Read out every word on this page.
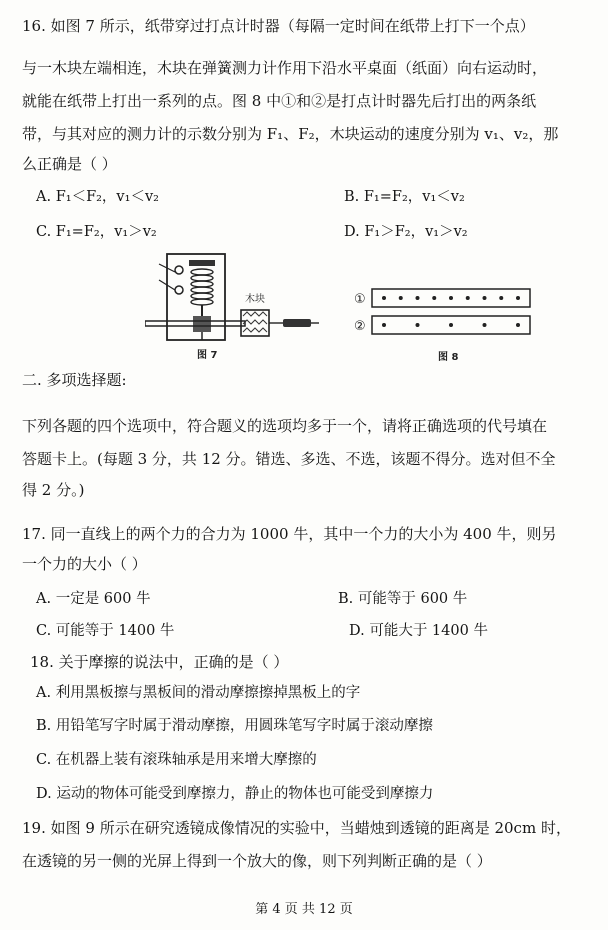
16. 如图 7 所示，纸带穿过打点计时器（每隔一定时间在纸带上打下一个点）
与一木块左端相连，木块在弹簧测力计作用下沿水平桌面（纸面）向右运动时，
就能在纸带上打出一系列的点。图 8 中①和②是打点计时器先后打出的两条纸
带，与其对应的测力计的示数分别为 F₁、F₂，木块运动的速度分别为 v₁、v₂，那
么正确是（ ）
A. F₁＜F₂，v₁＜v₂	B. F₁=F₂，v₁＜v₂
C. F₁=F₂，v₁＞v₂	D. F₁＞F₂，v₁＞v₂
木块
图 7
①
②
图 8
二. 多项选择题:
下列各题的四个选项中，符合题义的选项均多于一个，请将正确选项的代号填在
答题卡上。(每题 3 分，共 12 分。错选、多选、不选，该题不得分。选对但不全
得 2 分。)
17. 同一直线上的两个力的合力为 1000 牛，其中一个力的大小为 400 牛，则另
一个力的大小（ ）
A. 一定是 600 牛	B. 可能等于 600 牛
C. 可能等于 1400 牛	D. 可能大于 1400 牛
18. 关于摩擦的说法中，正确的是（ ）
A. 利用黑板擦与黑板间的滑动摩擦擦掉黑板上的字
B. 用铅笔写字时属于滑动摩擦，用圆珠笔写字时属于滚动摩擦
C. 在机器上装有滚珠轴承是用来增大摩擦的
D. 运动的物体可能受到摩擦力，静止的物体也可能受到摩擦力
19. 如图 9 所示在研究透镜成像情况的实验中，当蜡烛到透镜的距离是 20cm 时，
在透镜的另一侧的光屏上得到一个放大的像，则下列判断正确的是（ ）
第 4 页 共 12 页
